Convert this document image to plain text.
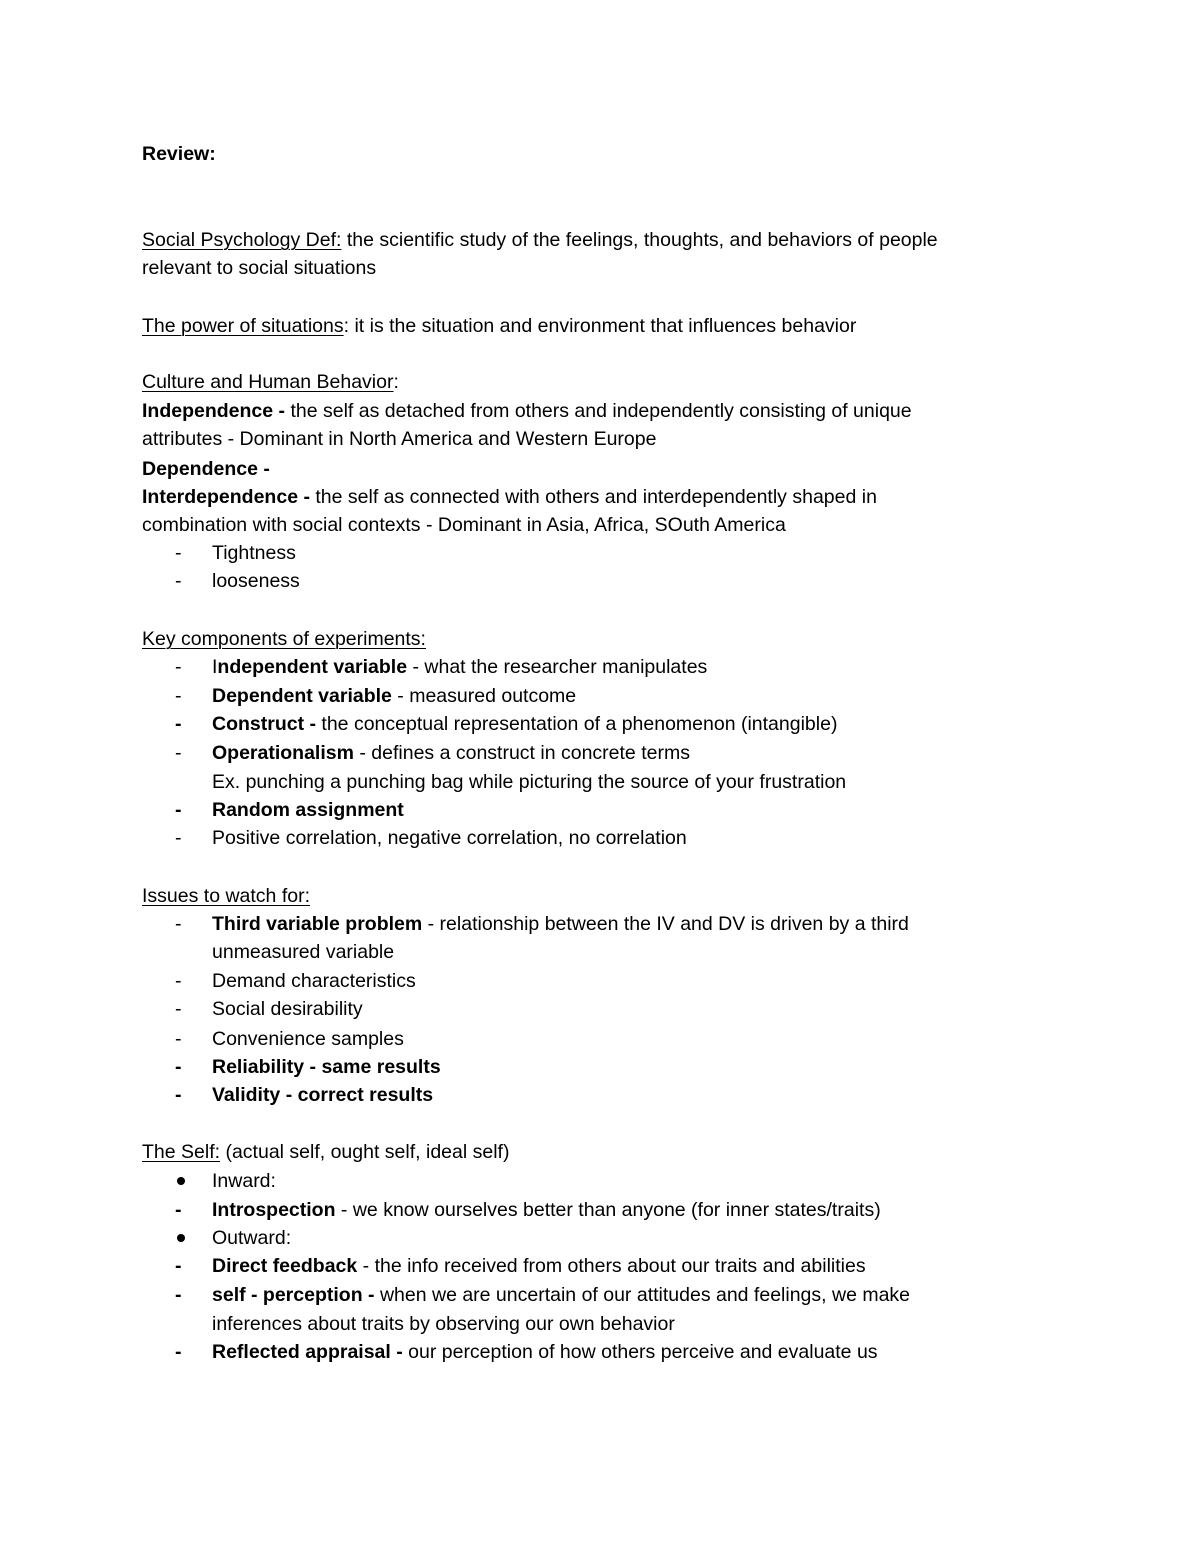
Review:
Social Psychology Def: the scientific study of the feelings, thoughts, and behaviors of people
relevant to social situations
The power of situations: it is the situation and environment that influences behavior
Culture and Human Behavior:
Independence - the self as detached from others and independently consisting of unique
attributes - Dominant in North America and Western Europe
Dependence -
Interdependence - the self as connected with others and interdependently shaped in
combination with social contexts - Dominant in Asia, Africa, SOuth America
-	Tightness
-	looseness
Key components of experiments:
-	Independent variable - what the researcher manipulates
-	Dependent variable - measured outcome
-	Construct - the conceptual representation of a phenomenon (intangible)
-	Operationalism - defines a construct in concrete terms
Ex. punching a punching bag while picturing the source of your frustration
-	Random assignment
-	Positive correlation, negative correlation, no correlation
Issues to watch for:
-	Third variable problem - relationship between the IV and DV is driven by a third
unmeasured variable
-	Demand characteristics
-	Social desirability
-	Convenience samples
-	Reliability - same results
-	Validity - correct results
The Self: (actual self, ought self, ideal self)
Inward:
-	Introspection - we know ourselves better than anyone (for inner states/traits)
Outward:
-	Direct feedback - the info received from others about our traits and abilities
-	self - perception - when we are uncertain of our attitudes and feelings, we make
inferences about traits by observing our own behavior
-	Reflected appraisal - our perception of how others perceive and evaluate us
